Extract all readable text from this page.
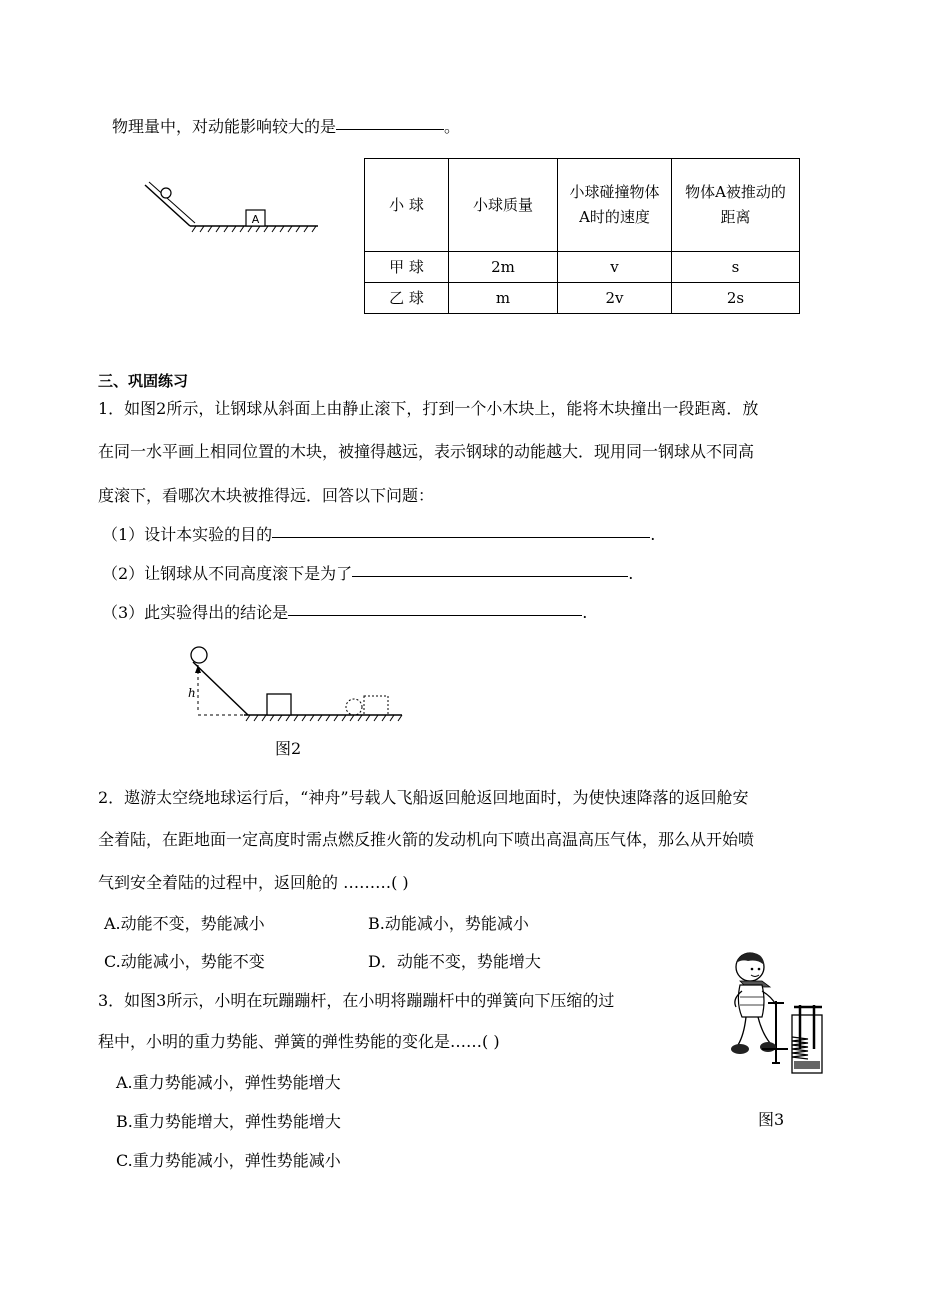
物理量中，对动能影响较大的是	。
A
小 球	小球质量	小球碰撞物体A时的速度	物体A被推动的距离

甲 球	2m	v	s
乙 球	m	2v	2s
三、巩固练习
1．如图2所示，让钢球从斜面上由静止滚下，打到一个小木块上，能将木块撞出一段距离．放
在同一水平画上相同位置的木块，被撞得越远，表示钢球的动能越大．现用同一钢球从不同高
度滚下，看哪次木块被推得远．回答以下问题：
（1）设计本实验的目的	.
（2）让钢球从不同高度滚下是为了	.
（3）此实验得出的结论是	.
h
图2
2．遨游太空绕地球运行后，“神舟”号载人飞船返回舱返回地面时，为使快速降落的返回舱安
全着陆，在距地面一定高度时需点燃反推火箭的发动机向下喷出高温高压气体，那么从开始喷
气到安全着陆的过程中，返回舱的 ………( )
A.动能不变，势能减小	B.动能减小，势能减小
C.动能减小，势能不变	D．动能不变，势能增大
3．如图3所示，小明在玩蹦蹦杆，在小明将蹦蹦杆中的弹簧向下压缩的过
程中，小明的重力势能、弹簧的弹性势能的变化是……( )
A.重力势能减小，弹性势能增大
B.重力势能增大，弹性势能增大
C.重力势能减小，弹性势能减小
图3
